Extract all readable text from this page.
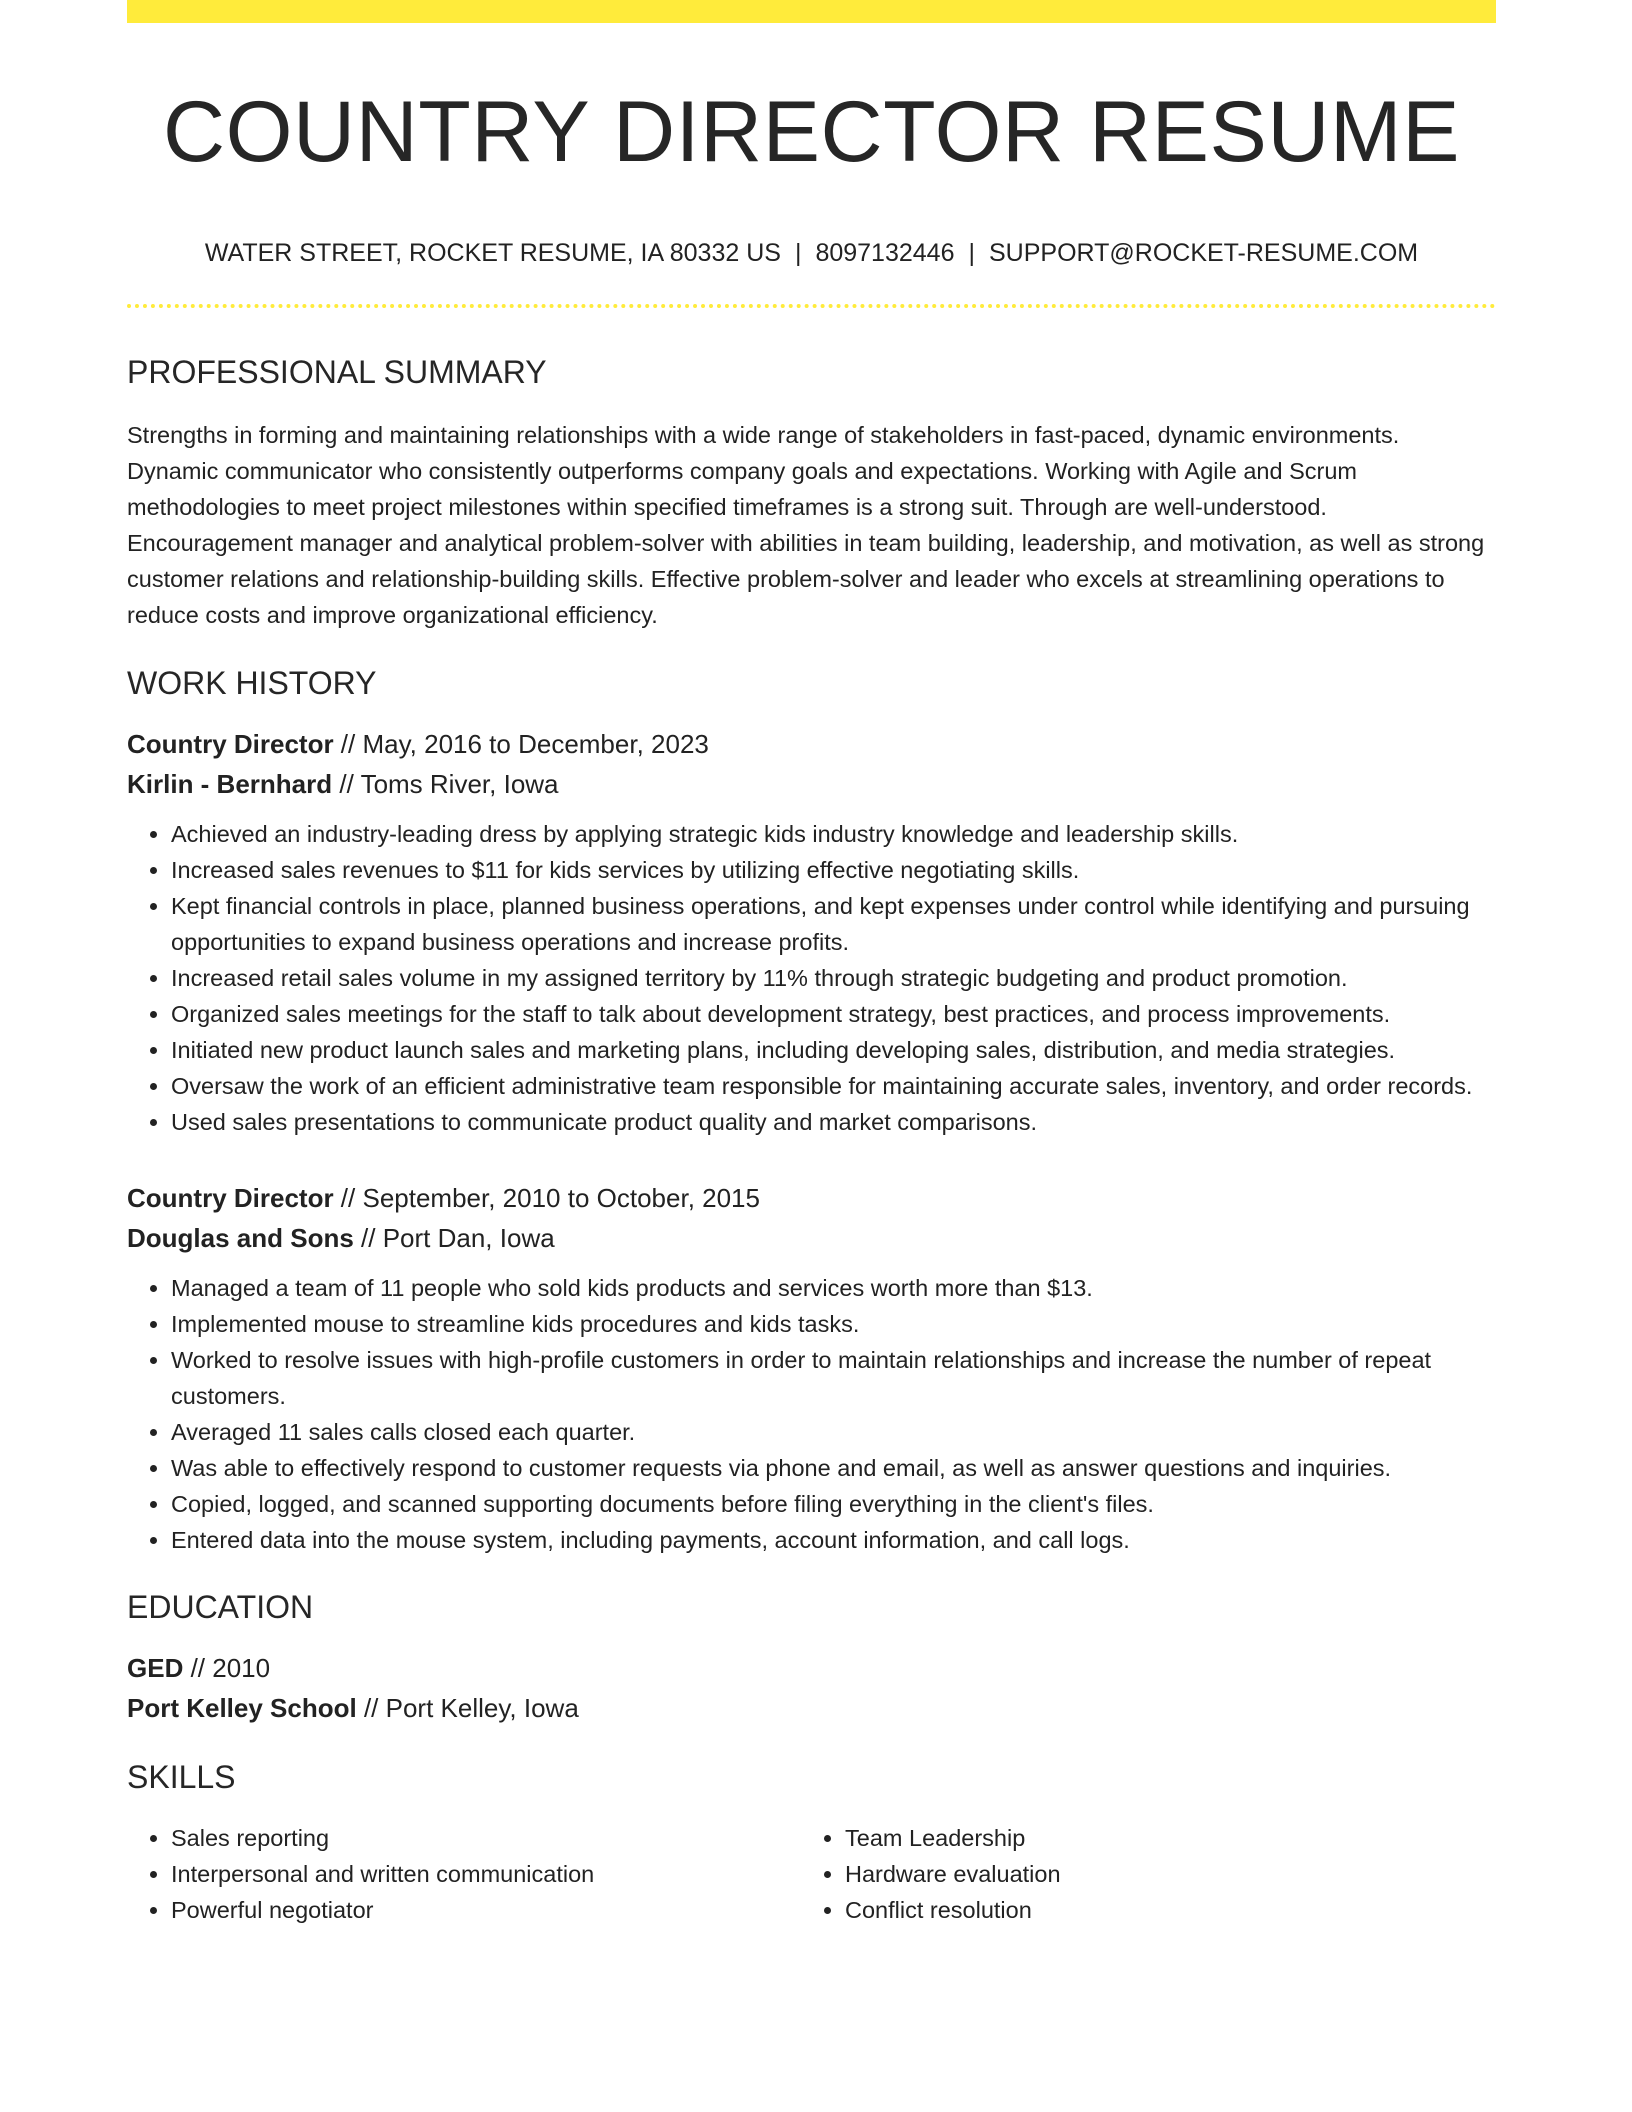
COUNTRY DIRECTOR RESUME
WATER STREET, ROCKET RESUME, IA 80332 US | 8097132446 | SUPPORT@ROCKET-RESUME.COM
PROFESSIONAL SUMMARY

Strengths in forming and maintaining relationships with a wide range of stakeholders in fast-paced, dynamic environments. Dynamic communicator who consistently outperforms company goals and expectations. Working with Agile and Scrum methodologies to meet project milestones within specified timeframes is a strong suit. Through are well-understood. Encouragement manager and analytical problem-solver with abilities in team building, leadership, and motivation, as well as strong customer relations and relationship-building skills. Effective problem-solver and leader who excels at streamlining operations to reduce costs and improve organizational efficiency.

WORK HISTORY
Country Director // May, 2016 to December, 2023
Kirlin - Bernhard // Toms River, Iowa
• Achieved an industry-leading dress by applying strategic kids industry knowledge and leadership skills.
• Increased sales revenues to $11 for kids services by utilizing effective negotiating skills.
• Kept financial controls in place, planned business operations, and kept expenses under control while identifying and pursuing opportunities to expand business operations and increase profits.
• Increased retail sales volume in my assigned territory by 11% through strategic budgeting and product promotion.
• Organized sales meetings for the staff to talk about development strategy, best practices, and process improvements.
• Initiated new product launch sales and marketing plans, including developing sales, distribution, and media strategies.
• Oversaw the work of an efficient administrative team responsible for maintaining accurate sales, inventory, and order records.
• Used sales presentations to communicate product quality and market comparisons.
Country Director // September, 2010 to October, 2015
Douglas and Sons // Port Dan, Iowa
• Managed a team of 11 people who sold kids products and services worth more than $13.
• Implemented mouse to streamline kids procedures and kids tasks.
• Worked to resolve issues with high-profile customers in order to maintain relationships and increase the number of repeat customers.
• Averaged 11 sales calls closed each quarter.
• Was able to effectively respond to customer requests via phone and email, as well as answer questions and inquiries.
• Copied, logged, and scanned supporting documents before filing everything in the client's files.
• Entered data into the mouse system, including payments, account information, and call logs.
EDUCATION
GED // 2010
Port Kelley School // Port Kelley, Iowa
SKILLS
• Sales reporting
• Interpersonal and written communication
• Powerful negotiator
• Team Leadership
• Hardware evaluation
• Conflict resolution
